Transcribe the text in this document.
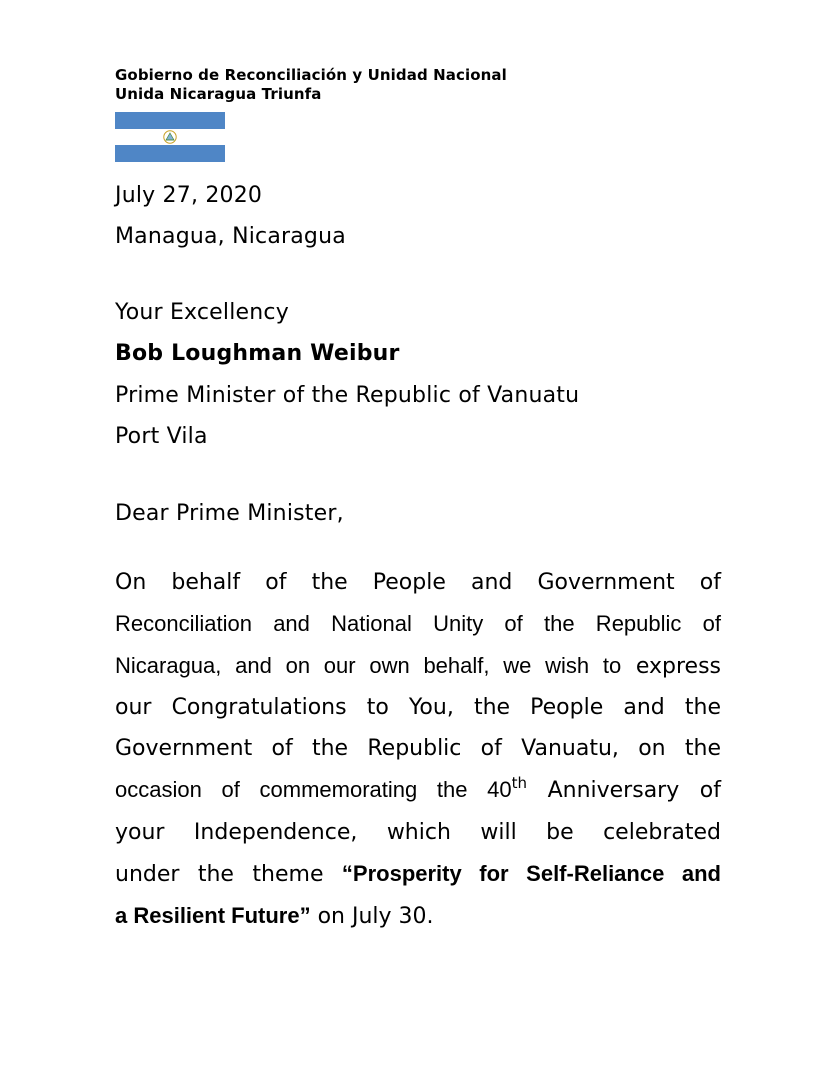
Gobierno de Reconciliación y Unidad Nacional
Unida Nicaragua Triunfa
July 27, 2020
Managua, Nicaragua
Your Excellency
Bob Loughman Weibur
Prime Minister of the Republic of Vanuatu
Port Vila
Dear Prime Minister,
On behalf of the People and Government of
Reconciliation and National Unity of the Republic of
Nicaragua, and on our own behalf, we wish to express
our Congratulations to You, the People and the
Government of the Republic of Vanuatu, on the
occasion of commemorating the 40th Anniversary of
your Independence, which will be celebrated
under the theme “Prosperity for Self-Reliance and
a Resilient Future” on July 30.
